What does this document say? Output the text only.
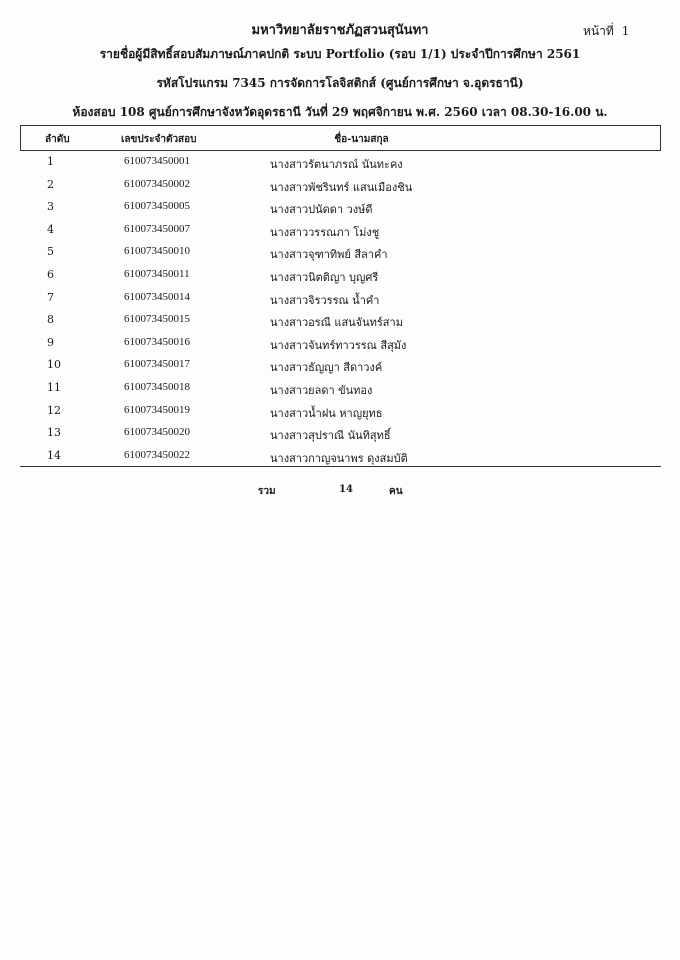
หน้าที่ 1
มหาวิทยาลัยราชภัฏสวนสุนันทา
รายชื่อผู้มีสิทธิ์สอบสัมภาษณ์ภาคปกติ ระบบ Portfolio (รอบ 1/1) ประจำปีการศึกษา 2561
รหัสโปรแกรม 7345 การจัดการโลจิสติกส์ (ศูนย์การศึกษา จ.อุดรธานี)
ห้องสอบ 108 ศูนย์การศึกษาจังหวัดอุดรธานี วันที่ 29 พฤศจิกายน พ.ศ. 2560 เวลา 08.30-16.00 น.
ลำดับ	เลขประจำตัวสอบ	ชื่อ-นามสกุล
1	610073450001	นางสาวรัตนาภรณ์ นันทะคง
2	610073450002	นางสาวพัชรินทร์ แสนเมืองชิน
3	610073450005	นางสาวปนัดดา วงษ์ดี
4	610073450007	นางสาววรรณภา โม่งชู
5	610073450010	นางสาวจุฑาทิพย์ สีลาคำ
6	610073450011	นางสาวนิตติญา บุญศรี
7	610073450014	นางสาวจิรวรรณ น้ำคำ
8	610073450015	นางสาวอรณี แสนจันทร์สาม
9	610073450016	นางสาวจันทร์ทาวรรณ สีสุมัง
10	610073450017	นางสาวธัญญา สีดาวงค์
11	610073450018	นางสาวยลดา ขันทอง
12	610073450019	นางสาวน้ำฝน หาญยุทธ
13	610073450020	นางสาวสุปราณี นันทิสุทธิ์
14	610073450022	นางสาวกาญจนาพร ดุงสมบัติ
รวม	14	คน
